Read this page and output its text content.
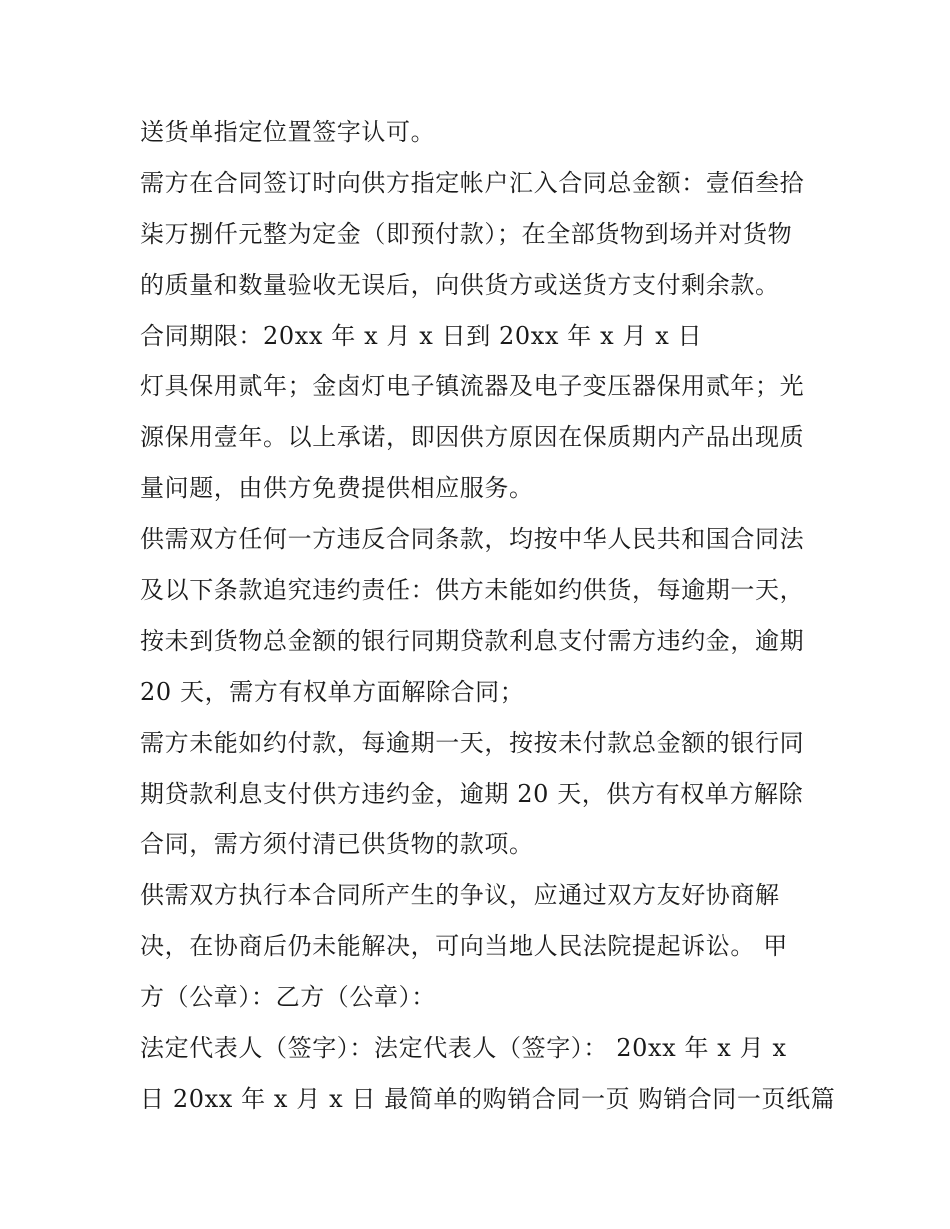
送货单指定位置签字认可。
需方在合同签订时向供方指定帐户汇入合同总金额：壹佰叁拾
柒万捌仟元整为定金（即预付款）；在全部货物到场并对货物
的质量和数量验收无误后，向供货方或送货方支付剩余款。
合同期限：20xx 年 x 月 x 日到 20xx 年 x 月 x 日
灯具保用贰年；金卤灯电子镇流器及电子变压器保用贰年；光
源保用壹年。以上承诺，即因供方原因在保质期内产品出现质
量问题，由供方免费提供相应服务。
供需双方任何一方违反合同条款，均按中华人民共和国合同法
及以下条款追究违约责任：供方未能如约供货，每逾期一天，
按未到货物总金额的银行同期贷款利息支付需方违约金，逾期
20 天，需方有权单方面解除合同；
需方未能如约付款，每逾期一天，按按未付款总金额的银行同
期贷款利息支付供方违约金，逾期 20 天，供方有权单方解除
合同，需方须付清已供货物的款项。
供需双方执行本合同所产生的争议，应通过双方友好协商解
决，在协商后仍未能解决，可向当地人民法院提起诉讼。 甲
方（公章）：乙方（公章）：
法定代表人（签字）：法定代表人（签字）： 20xx 年 x 月 x
日 20xx 年 x 月 x 日 最简单的购销合同一页 购销合同一页纸篇
